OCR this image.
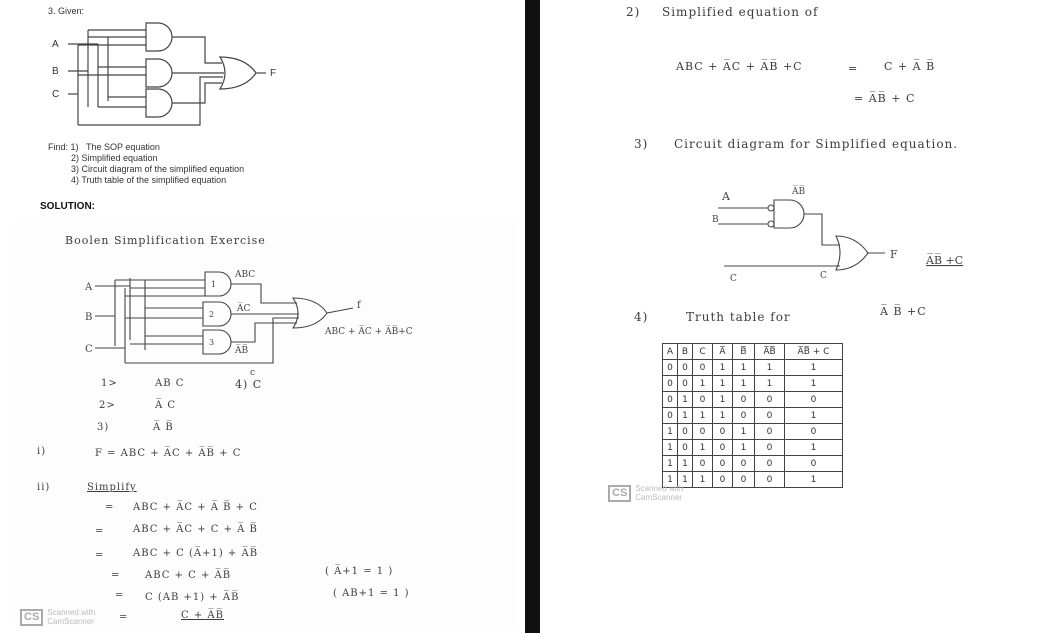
3. Given:
A
B
C
F
Find: 1) The SOP equation
2) Simplified equation
3) Circuit diagram of the simplified equation
4) Truth table of the simplified equation
SOLUTION:
Boolen Simplification Exercise
A
B
C
1
2
3
ABC
A̅C
A̅B̅
c
f
ABC + A̅C + A̅B̅+C
1>	AB C	4) C
2>	A̅ C
3)	A̅ B̅
i)	F = ABC + A̅C + A̅B̅ + C
ii)	Simplify
= ABC + A̅C + A̅ B̅ + C
=	ABC + A̅C + C + A̅ B̅
=	ABC + C (A̅+1) + A̅B̅
= ABC + C + A̅B̅
= C (AB +1) + A̅B̅
=	C + A̅B̅
( A̅+1 = 1 )
( AB+1 = 1 )
CS	Scanned with
CamScanner
2) Simplified equation of
ABC + A̅C + A̅B̅ +C	= C + A̅ B̅
= A̅B̅ + C
3) Circuit diagram for Simplified equation.
A
B
A̅B̅
C	C
F	A̅B̅ +C
4)	Truth table for	A̅ B̅ +C
A	B	C	A̅	B̅	A̅B̅	A̅B̅ + C
0	0	0	1	1	1	1
0	0	1	1	1	1	1
0	1	0	1	0	0	0
0	1	1	1	0	0	1
1	0	0	0	1	0	0
1	0	1	0	1	0	1
1	1	0	0	0	0	0
1	1	1	0	0	0	1
CS	Scanned with
CamScanner
